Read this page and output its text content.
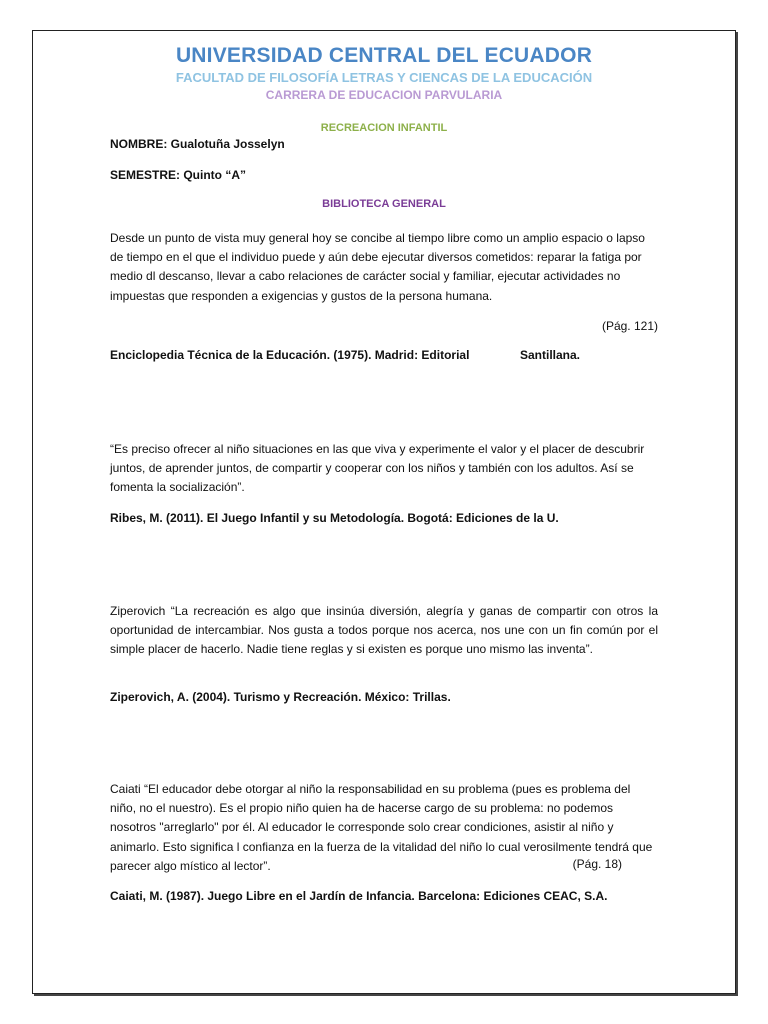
UNIVERSIDAD CENTRAL DEL ECUADOR
FACULTAD DE FILOSOFÍA LETRAS Y CIENCAS DE LA EDUCACIÓN
CARRERA DE EDUCACION PARVULARIA
RECREACION INFANTIL
NOMBRE: Gualotuña Josselyn
SEMESTRE: Quinto “A”
BIBLIOTECA GENERAL
Desde un punto de vista muy general hoy se concibe al tiempo libre como un amplio espacio o lapso de tiempo en el que el individuo puede y aún debe ejecutar diversos cometidos: reparar la fatiga por medio dl descanso, llevar a cabo relaciones de carácter social y familiar, ejecutar actividades no impuestas que responden a exigencias y gustos de la persona humana.
(Pág. 121)
Enciclopedia Técnica de la Educación. (1975). Madrid: Editorial	Santillana.
“Es preciso ofrecer al niño situaciones en las que viva y experimente el valor y el placer de descubrir juntos, de aprender juntos, de compartir y cooperar con los niños y también con los adultos. Así se fomenta la socialización”.
Ribes, M. (2011). El Juego Infantil y su Metodología. Bogotá: Ediciones de la U.
Ziperovich “La recreación es algo que insinúa diversión, alegría y ganas de compartir con otros la oportunidad de intercambiar. Nos gusta a todos porque nos acerca, nos une con un fin común por el simple placer de hacerlo. Nadie tiene reglas y si existen es porque uno mismo las inventa”.
Ziperovich, A. (2004). Turismo y Recreación. México: Trillas.
Caiati “El educador debe otorgar al niño la responsabilidad en su problema (pues es problema del niño, no el nuestro). Es el propio niño quien ha de hacerse cargo de su problema: no podemos nosotros "arreglarlo" por él. Al educador le corresponde solo crear condiciones, asistir al niño y animarlo. Esto significa l confianza en la fuerza de la vitalidad del niño lo cual verosilmente tendrá que parecer algo místico al lector”.	(Pág. 18)
Caiati, M. (1987). Juego Libre en el Jardín de Infancia. Barcelona: Ediciones CEAC, S.A.
